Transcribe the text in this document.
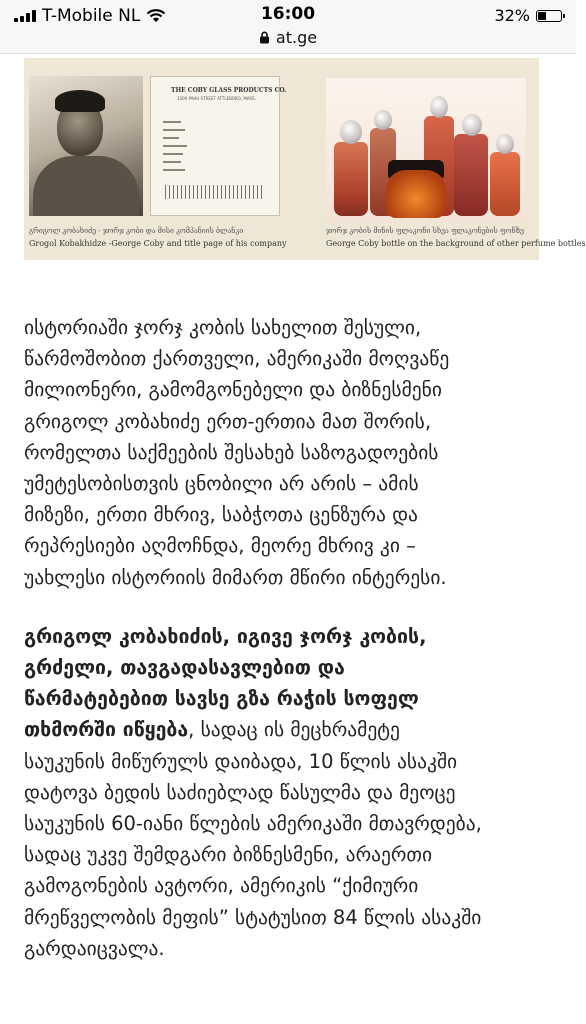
T-Mobile NL	16:00
at.ge
32%
THE COBY GLASS PRODUCTS CO.
1009 PAHU STREET ATTLEBORO, MASS.
გრიგოლ კობახიძე - ჯორჯ კობი და მისი კომპანიის ბლანკი
Grogol Kobakhidze -George Coby and title page of his company
ჯორჯ კობის მინის ფლაკონი სხვა ფლაკონების ფონზე
George Coby bottle on the background of other perfume bottles

ისტორიაში ჯორჯ კობის სახელით შესული,
წარმოშობით ქართველი, ამერიკაში მოღვაწე
მილიონერი, გამომგონებელი და ბიზნესმენი
გრიგოლ კობახიძე ერთ-ერთია მათ შორის,
რომელთა საქმეების შესახებ საზოგადოების
უმეტესობისთვის ცნობილი არ არის – ამის
მიზეზი, ერთი მხრივ, საბჭოთა ცენზურა და
რეპრესიები აღმოჩნდა, მეორე მხრივ კი –
უახლესი ისტორიის მიმართ მწირი ინტერესი.

გრიგოლ კობახიძის, იგივე ჯორჯ კობის,
გრძელი, თავგადასავლებით და
წარმატებებით სავსე გზა რაჭის სოფელ
თხმორში იწყება, სადაც ის მეცხრამეტე
საუკუნის მიწურულს დაიბადა, 10 წლის ასაკში
დატოვა ბედის საძიებლად წასულმა და მეოცე
საუკუნის 60-იანი წლების ამერიკაში მთავრდება,
სადაც უკვე შემდგარი ბიზნესმენი, არაერთი
გამოგონების ავტორი, ამერიკის “ქიმიური
მრეწველობის მეფის” სტატუსით 84 წლის ასაკში
გარდაიცვალა.
